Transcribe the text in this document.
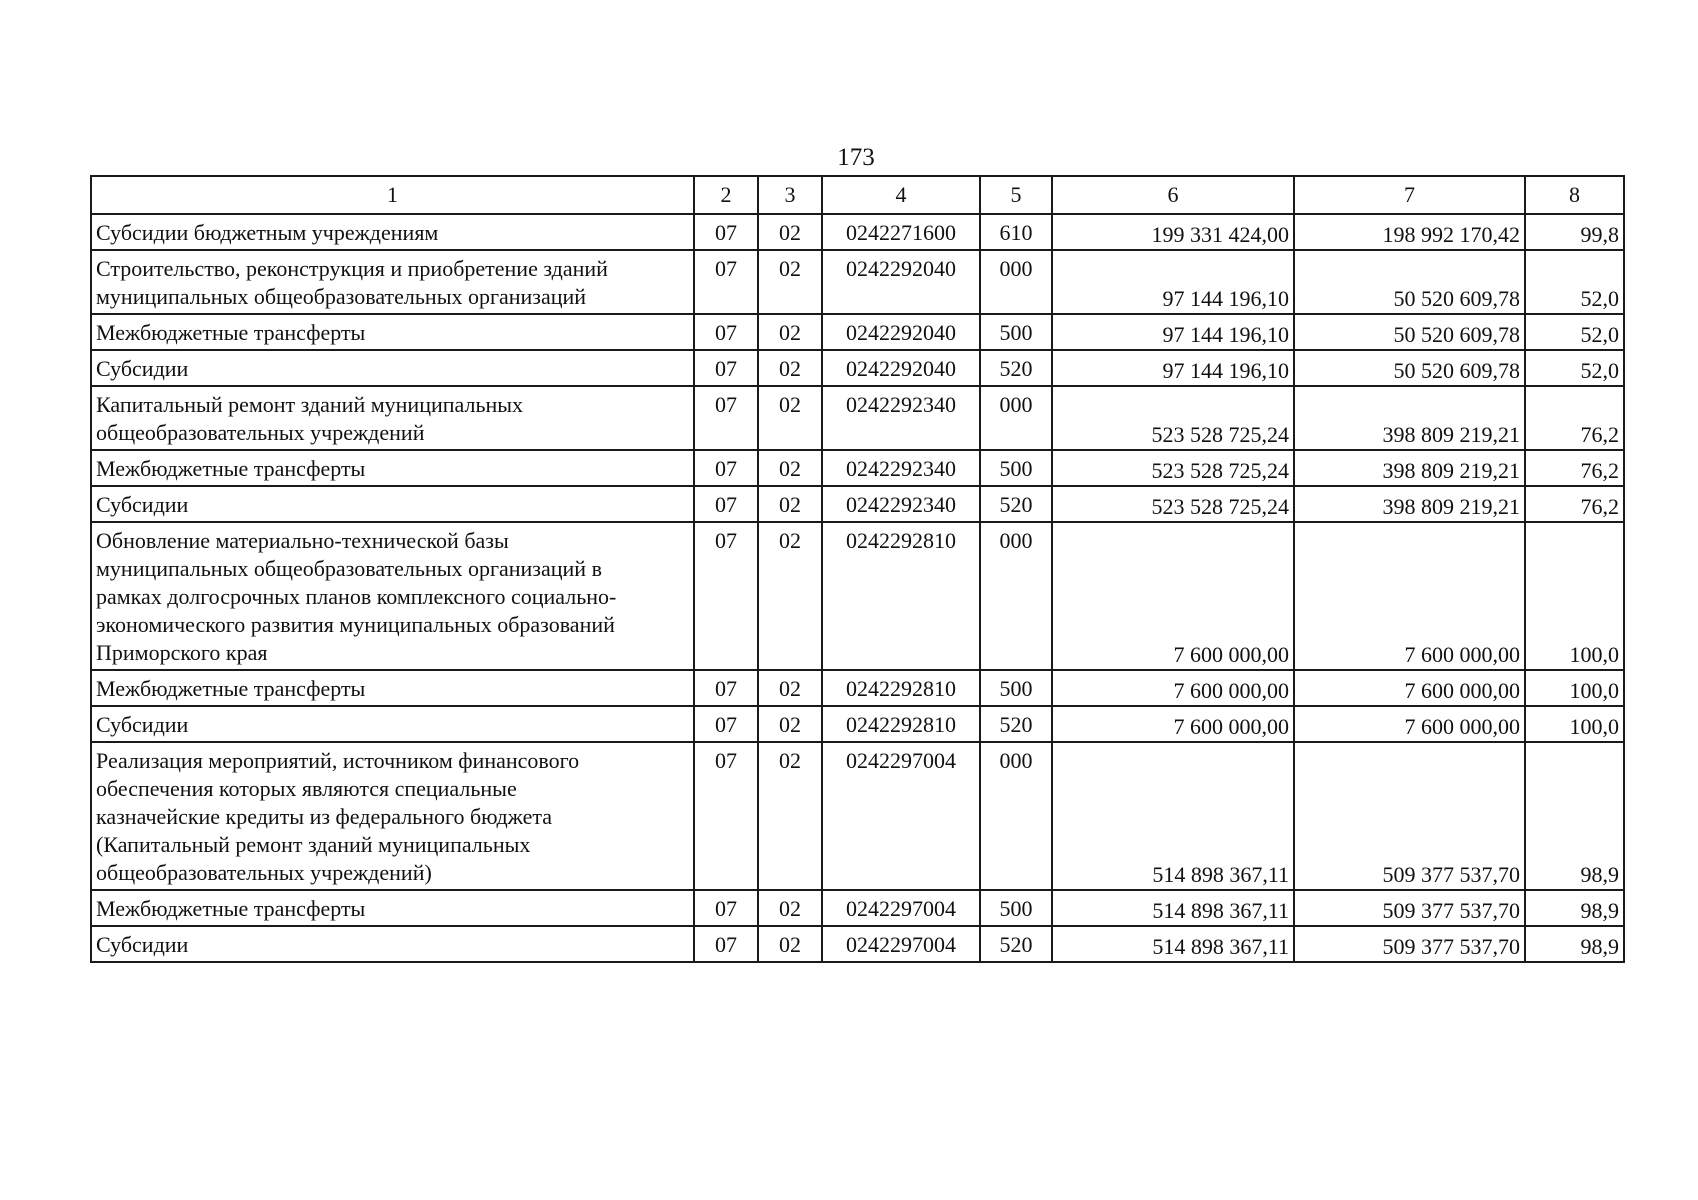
173
1	2	3	4	5	6	7	8
Субсидии бюджетным учреждениям	07	02	0242271600	610	199 331 424,00	198 992 170,42	99,8
Строительство, реконструкция и приобретение зданий
муниципальных общеобразовательных организаций	07	02	0242292040	000	97 144 196,10	50 520 609,78	52,0
Межбюджетные трансферты	07	02	0242292040	500	97 144 196,10	50 520 609,78	52,0
Субсидии	07	02	0242292040	520	97 144 196,10	50 520 609,78	52,0
Капитальный ремонт зданий муниципальных
общеобразовательных учреждений	07	02	0242292340	000	523 528 725,24	398 809 219,21	76,2
Межбюджетные трансферты	07	02	0242292340	500	523 528 725,24	398 809 219,21	76,2
Субсидии	07	02	0242292340	520	523 528 725,24	398 809 219,21	76,2
Обновление материально-технической базы
муниципальных общеобразовательных организаций в
рамках долгосрочных планов комплексного социально-
экономического развития муниципальных образований
Приморского края	07	02	0242292810	000	7 600 000,00	7 600 000,00	100,0
Межбюджетные трансферты	07	02	0242292810	500	7 600 000,00	7 600 000,00	100,0
Субсидии	07	02	0242292810	520	7 600 000,00	7 600 000,00	100,0
Реализация мероприятий, источником финансового
обеспечения которых являются специальные
казначейские кредиты из федерального бюджета
(Капитальный ремонт зданий муниципальных
общеобразовательных учреждений)	07	02	0242297004	000	514 898 367,11	509 377 537,70	98,9
Межбюджетные трансферты	07	02	0242297004	500	514 898 367,11	509 377 537,70	98,9
Субсидии	07	02	0242297004	520	514 898 367,11	509 377 537,70	98,9
